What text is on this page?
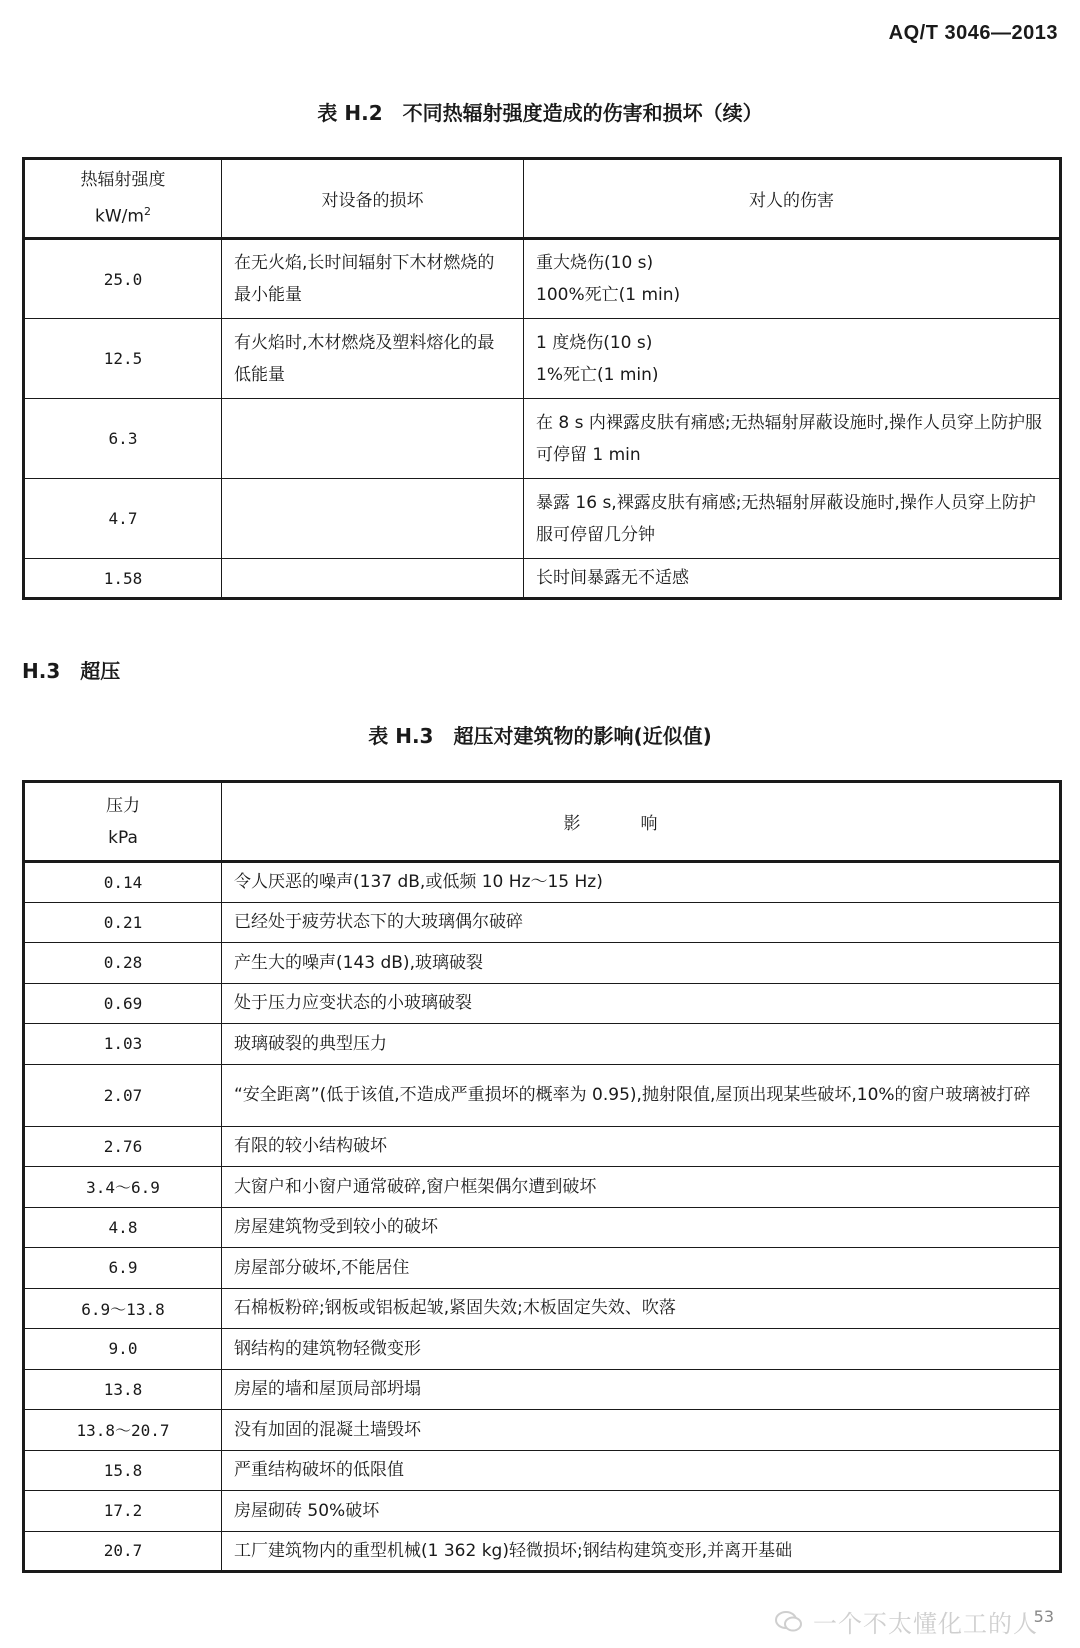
AQ/T 3046—2013
表 H.2　不同热辐射强度造成的伤害和损坏（续）
热辐射强度
$kW/m^2$	对设备的损坏	对人的伤害
25.0	在无火焰,长时间辐射下木材燃烧的最小能量	重大烧伤(10 s)
100%死亡(1 min)
12.5	有火焰时,木材燃烧及塑料熔化的最低能量	1 度烧伤(10 s)
1%死亡(1 min)
6.3		在 8 s 内裸露皮肤有痛感;无热辐射屏蔽设施时,操作人员穿上防护服可停留 1 min
4.7		暴露 16 s,裸露皮肤有痛感;无热辐射屏蔽设施时,操作人员穿上防护服可停留几分钟
1.58		长时间暴露无不适感
H.3　超压
表 H.3　超压对建筑物的影响(近似值)
压力
kPa	影响
0.14	令人厌恶的噪声(137 dB,或低频 10 Hz～15 Hz)
0.21	已经处于疲劳状态下的大玻璃偶尔破碎
0.28	产生大的噪声(143 dB),玻璃破裂
0.69	处于压力应变状态的小玻璃破裂
1.03	玻璃破裂的典型压力
2.07	“安全距离”(低于该值,不造成严重损坏的概率为 0.95),抛射限值,屋顶出现某些破坏,10%的窗户玻璃被打碎
2.76	有限的较小结构破坏
3.4～6.9	大窗户和小窗户通常破碎,窗户框架偶尔遭到破坏
4.8	房屋建筑物受到较小的破坏
6.9	房屋部分破坏,不能居住
6.9～13.8	石棉板粉碎;钢板或铝板起皱,紧固失效;木板固定失效、吹落
9.0	钢结构的建筑物轻微变形
13.8	房屋的墙和屋顶局部坍塌
13.8～20.7	没有加固的混凝土墙毁坏
15.8	严重结构破坏的低限值
17.2	房屋砌砖 50%破坏
20.7	工厂建筑物内的重型机械(1 362 kg)轻微损坏;钢结构建筑变形,并离开基础
一个不太懂化工的人
53
